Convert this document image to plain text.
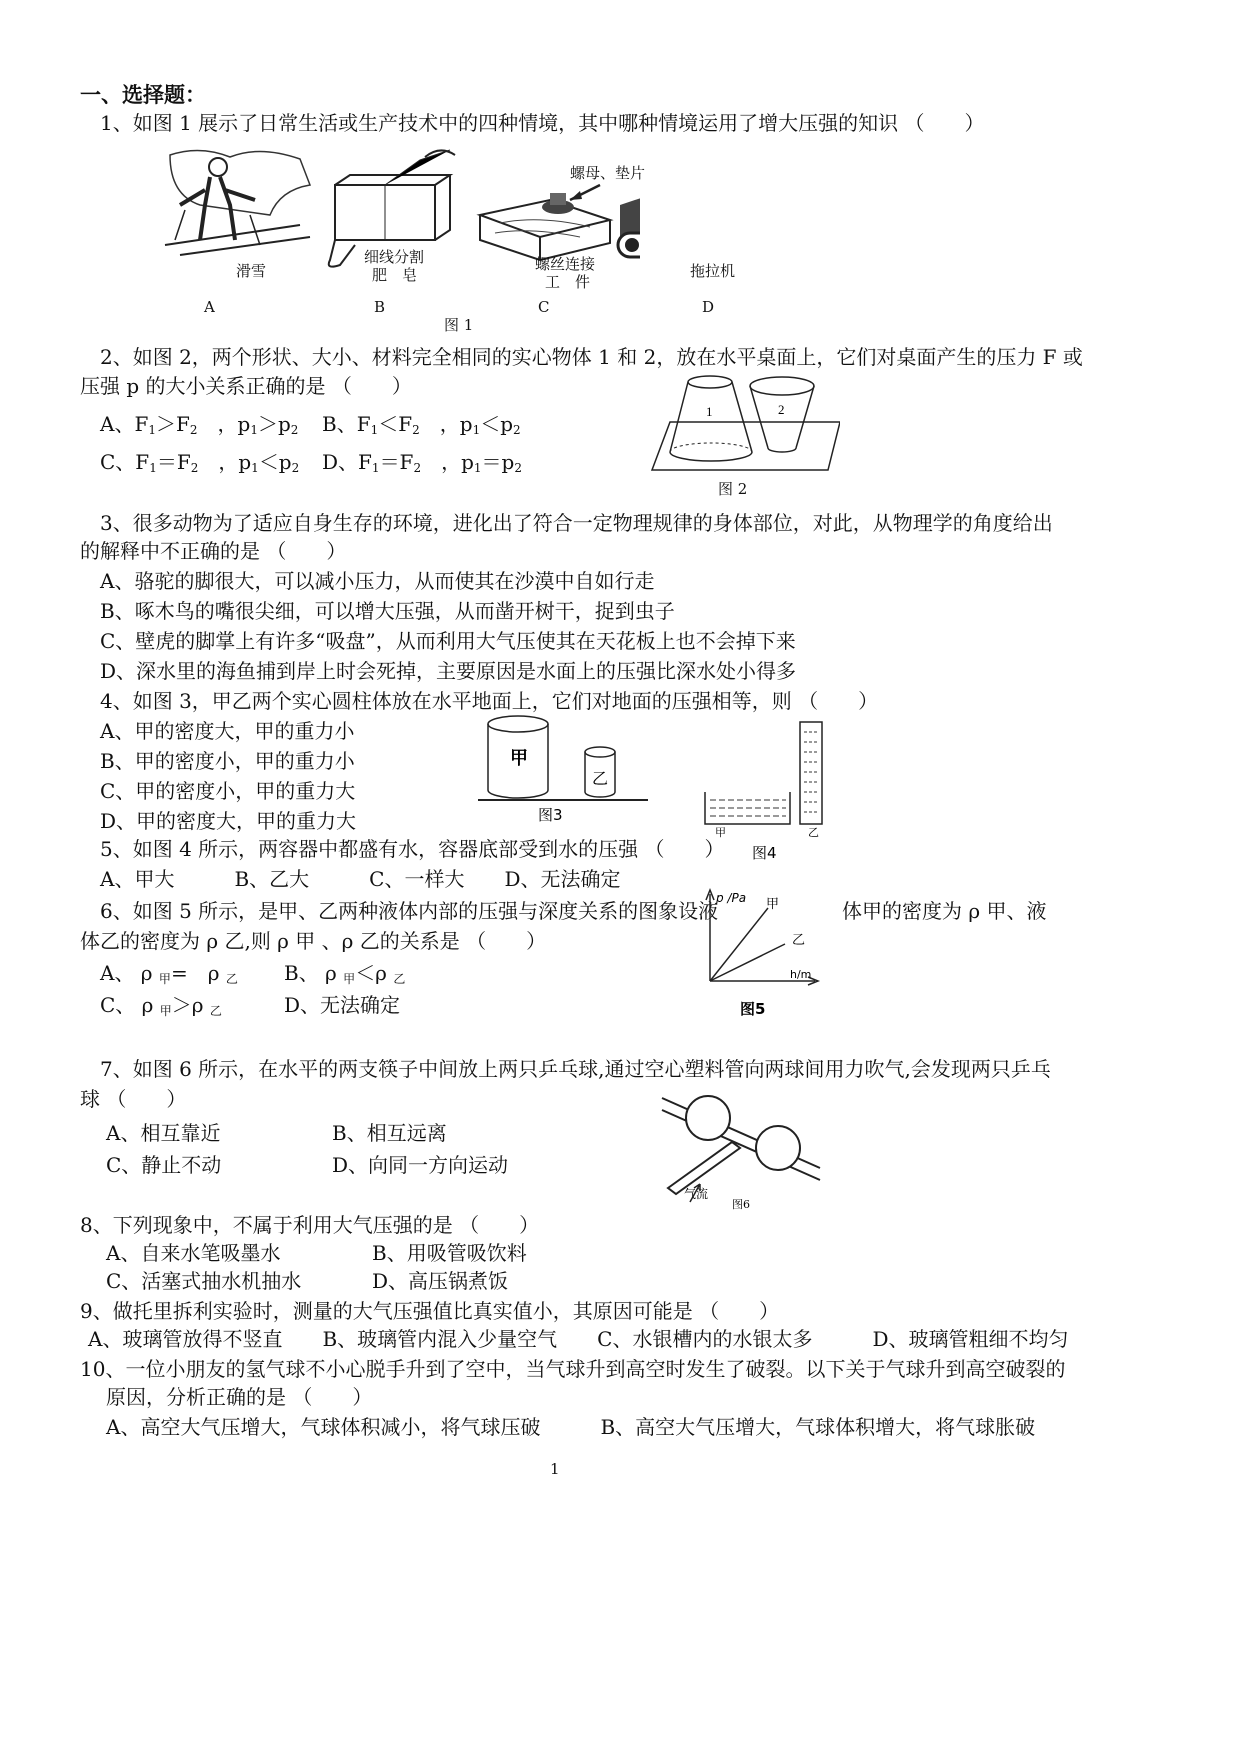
一、选择题：
1、如图 1 展示了日常生活或生产技术中的四种情境，其中哪种情境运用了增大压强的知识 （　　）
滑雪
细线分割
肥　皂
螺母、垫片
螺丝连接
工　件
拖拉机
A	B	C	D
图 1
2、如图 2，两个形状、大小、材料完全相同的实心物体 1 和 2，放在水平桌面上，它们对桌面产生的压力 F 或
压强 p 的大小关系正确的是 （　　）
A、$F_1>F_2$　，$p_1>p_2$ B、$F_1<F_2$　，$p_1<p_2$
C、$F_1=F_2$　，$p_1<p_2$ D、$F_1=F_2$　，$p_1=p_2$
1	2
图 2
3、很多动物为了适应自身生存的环境，进化出了符合一定物理规律的身体部位，对此，从物理学的角度给出
的解释中不正确的是 （　　）
A、骆驼的脚很大，可以减小压力，从而使其在沙漠中自如行走
B、啄木鸟的嘴很尖细，可以增大压强，从而凿开树干，捉到虫子
C、壁虎的脚掌上有许多“吸盘”，从而利用大气压使其在天花板上也不会掉下来
D、深水里的海鱼捕到岸上时会死掉，主要原因是水面上的压强比深水处小得多
4、如图 3，甲乙两个实心圆柱体放在水平地面上，它们对地面的压强相等，则 （　　）
A、甲的密度大，甲的重力小
B、甲的密度小，甲的重力小
C、甲的密度小，甲的重力大
D、甲的密度大，甲的重力大
甲
乙
图3
甲	乙
图4
5、如图 4 所示，两容器中都盛有水，容器底部受到水的压强 （　　）
A、甲大　　　B、乙大　　　C、一样大　　D、无法确定
6、如图 5 所示，是甲、乙两种液体内部的压强与深度关系的图象设液	体甲的密度为 ρ 甲、液
体乙的密度为 ρ 乙,则 ρ 甲 、ρ 乙的关系是 （　　）
A、 ρ $_甲$=　ρ $_乙$ B、 ρ $_甲$＜ρ $_乙$
C、 ρ $_甲$＞ρ $_乙$	D、无法确定
p /Pa
h/m
甲
乙
图5
7、如图 6 所示，在水平的两支筷子中间放上两只乒乓球,通过空心塑料管向两球间用力吹气,会发现两只乒乓
球 （　　）
A、相互靠近	B、相互远离
C、静止不动	D、向同一方向运动
气流
图6
8、下列现象中，不属于利用大气压强的是 （　　）
A、自来水笔吸墨水	B、用吸管吸饮料
C、活塞式抽水机抽水	D、高压锅煮饭
9、做托里拆利实验时，测量的大气压强值比真实值小，其原因可能是 （　　）
A、玻璃管放得不竖直　　B、玻璃管内混入少量空气　　C、水银槽内的水银太多　　　D、玻璃管粗细不均匀
10、一位小朋友的氢气球不小心脱手升到了空中，当气球升到高空时发生了破裂。以下关于气球升到高空破裂的
原因，分析正确的是 （　　）
A、高空大气压增大，气球体积减小，将气球压破　　　B、高空大气压增大，气球体积增大，将气球胀破
1
